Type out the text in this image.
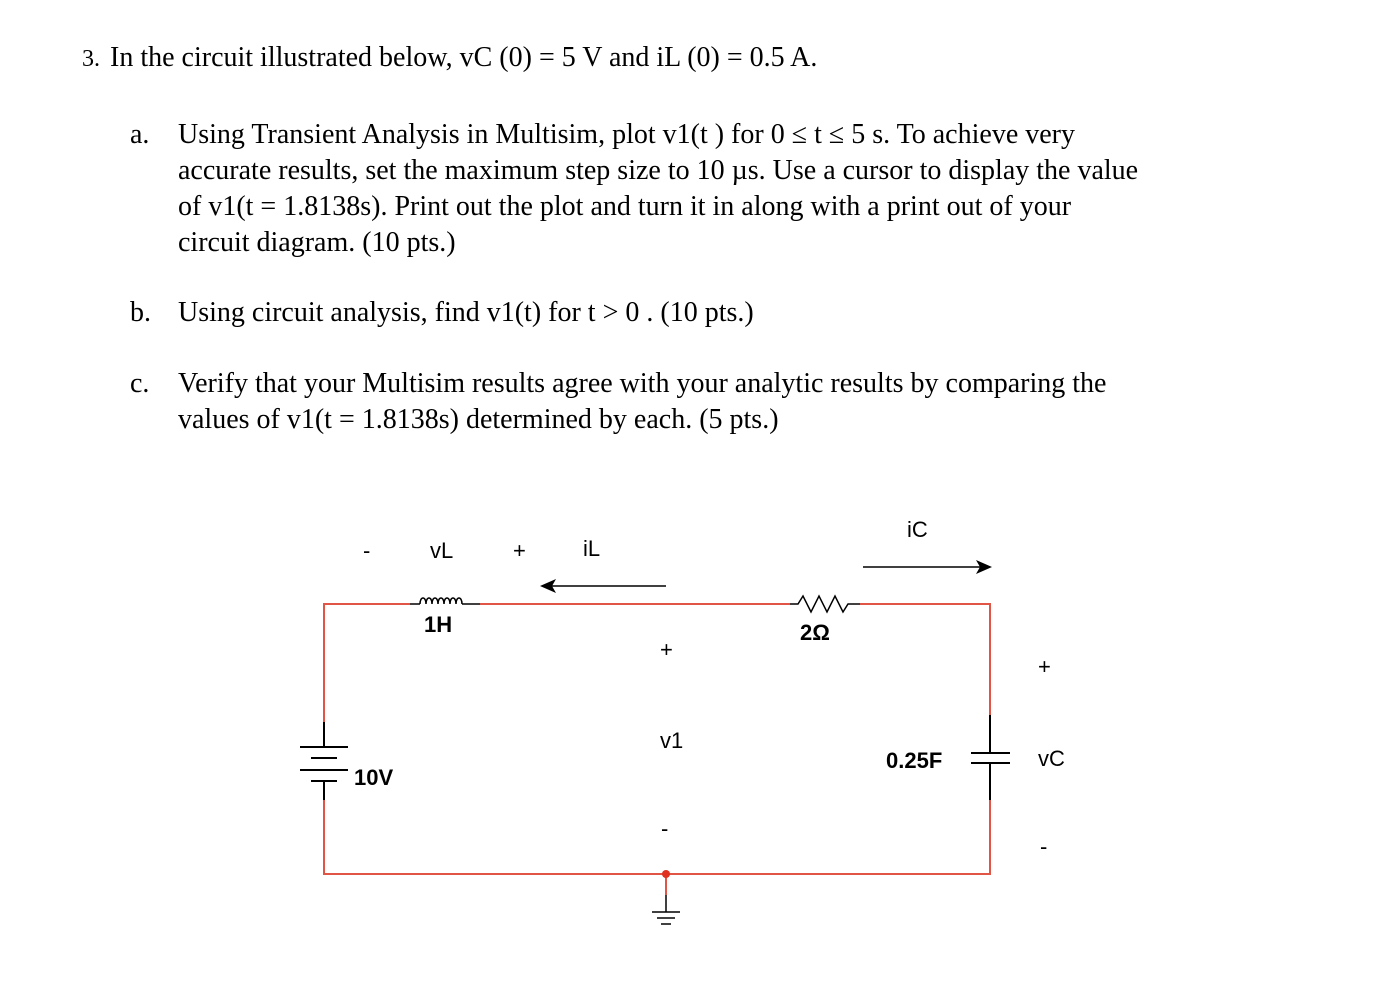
3. In the circuit illustrated below, vC (0) = 5 V and iL (0) = 0.5 A.
a.	Using Transient Analysis in Multisim, plot v1(t ) for 0 ≤ t ≤ 5 s. To achieve very
accurate results, set the maximum step size to 10 µs. Use a cursor to display the value
of v1(t = 1.8138s). Print out the plot and turn it in along with a print out of your
circuit diagram. (10 pts.)
b. Using circuit analysis, find v1(t) for t > 0 . (10 pts.)
c.	Verify that your Multisim results agree with your analytic results by comparing the
values of v1(t = 1.8138s) determined by each. (5 pts.)
-	vL	+	iL
iC
1H	2Ω
+
v1
-
+
vC
-
0.25F
10V
